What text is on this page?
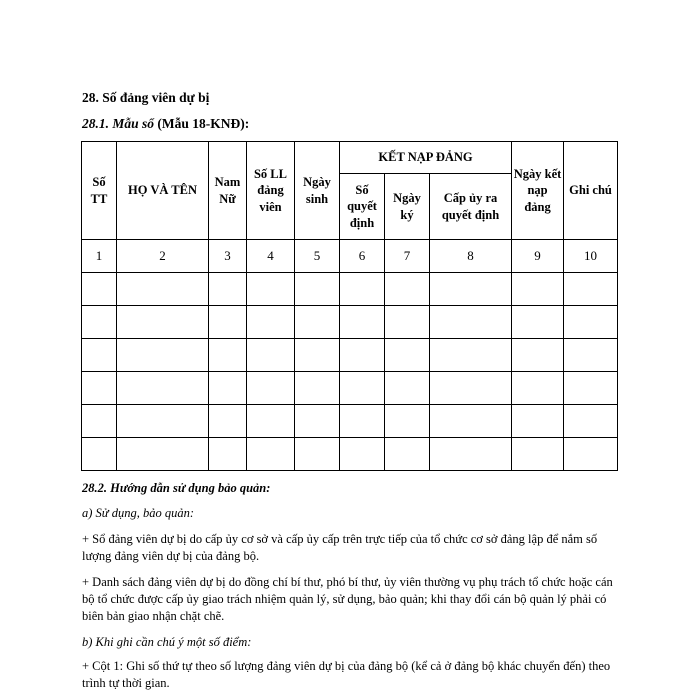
28. Số đảng viên dự bị
28.1. Mẫu sổ (Mẫu 18-KNĐ):
Số TT	HỌ VÀ TÊN	Nam Nữ	Số LL đảng viên	Ngày sinh	KẾT NẠP ĐẢNG			Ngày kết nạp đảng	Ghi chú
					Số quyết định	Ngày ký	Cấp ủy ra quyết định		
1	2	3	4	5	6	7	8	9	10

28.2. Hướng dẫn sử dụng bảo quản:
a) Sử dụng, bảo quản:
+ Sổ đảng viên dự bị do cấp ủy cơ sở và cấp ủy cấp trên trực tiếp của tổ chức cơ sở đảng lập để nắm số lượng đảng viên dự bị của đảng bộ.
+ Danh sách đảng viên dự bị do đồng chí bí thư, phó bí thư, ủy viên thường vụ phụ trách tổ chức hoặc cán bộ tổ chức được cấp ủy giao trách nhiệm quản lý, sử dụng, bảo quản; khi thay đổi cán bộ quản lý phải có biên bản giao nhận chặt chẽ.
b) Khi ghi cần chú ý một số điểm:
+ Cột 1: Ghi số thứ tự theo số lượng đảng viên dự bị của đảng bộ (kể cả ở đảng bộ khác chuyển đến) theo trình tự thời gian.
